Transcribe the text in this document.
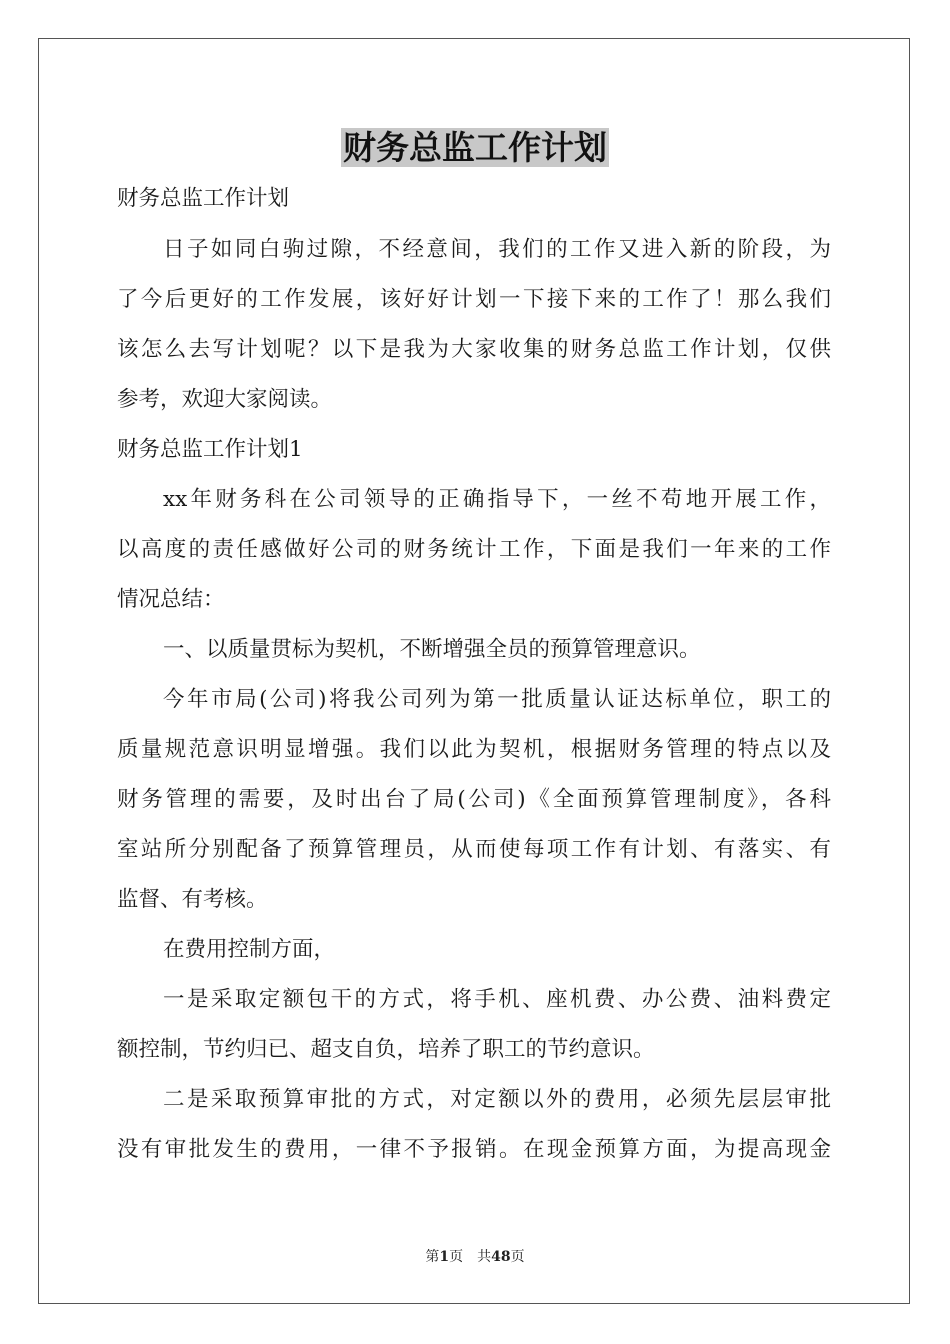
财务总监工作计划
财务总监工作计划
日子如同白驹过隙，不经意间，我们的工作又进入新的阶段，为
了今后更好的工作发展，该好好计划一下接下来的工作了！那么我们
该怎么去写计划呢？以下是我为大家收集的财务总监工作计划，仅供
参考，欢迎大家阅读。
财务总监工作计划1
xx年财务科在公司领导的正确指导下，一丝不苟地开展工作，
以高度的责任感做好公司的财务统计工作，下面是我们一年来的工作
情况总结：
一、以质量贯标为契机，不断增强全员的预算管理意识。
今年市局(公司)将我公司列为第一批质量认证达标单位，职工的
质量规范意识明显增强。我们以此为契机，根据财务管理的特点以及
财务管理的需要，及时出台了局(公司)《全面预算管理制度》，各科
室站所分别配备了预算管理员，从而使每项工作有计划、有落实、有
监督、有考核。
在费用控制方面，
一是采取定额包干的方式，将手机、座机费、办公费、油料费定
额控制，节约归已、超支自负，培养了职工的节约意识。
二是采取预算审批的方式，对定额以外的费用，必须先层层审批
没有审批发生的费用，一律不予报销。在现金预算方面，为提高现金
第1页　共48页
